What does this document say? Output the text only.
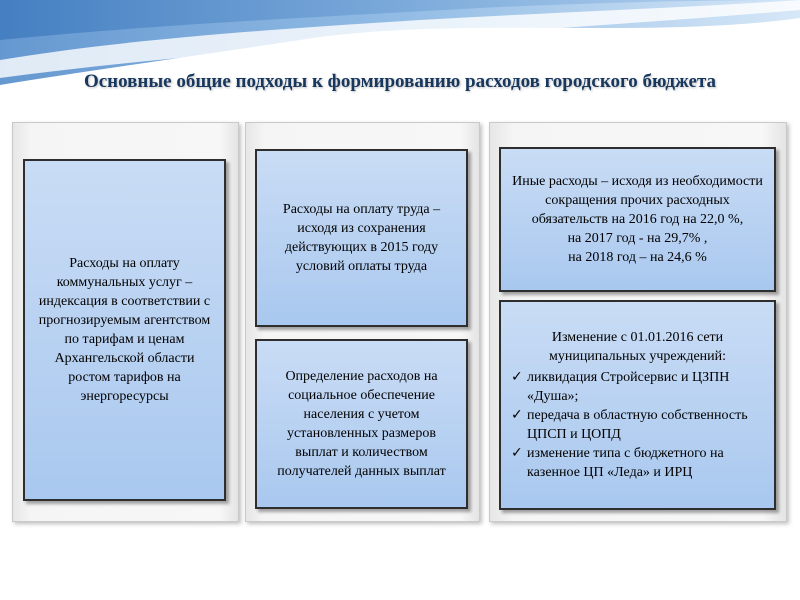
Основные общие подходы к формированию расходов городского бюджета
Расходы на оплату коммунальных услуг – индексация в соответствии с прогнозируемым агентством по тарифам и ценам Архангельской области ростом тарифов на энергоресурсы
Расходы на оплату труда – исходя из сохранения действующих в 2015 году условий оплаты труда
Определение расходов на социальное обеспечение населения с учетом установленных размеров выплат и количеством получателей данных выплат
Иные расходы – исходя из необходимости сокращения прочих расходных обязательств на 2016 год на 22,0 %,
на 2017 год - на 29,7% ,
на 2018 год – на 24,6 %
Изменение с 01.01.2016 сети муниципальных учреждений:
✓ ликвидация Стройсервис и ЦЗПН «Душа»;
✓ передача в областную собственность ЦПСП и ЦОПД
✓ изменение типа с бюджетного на казенное ЦП «Леда» и ИРЦ
